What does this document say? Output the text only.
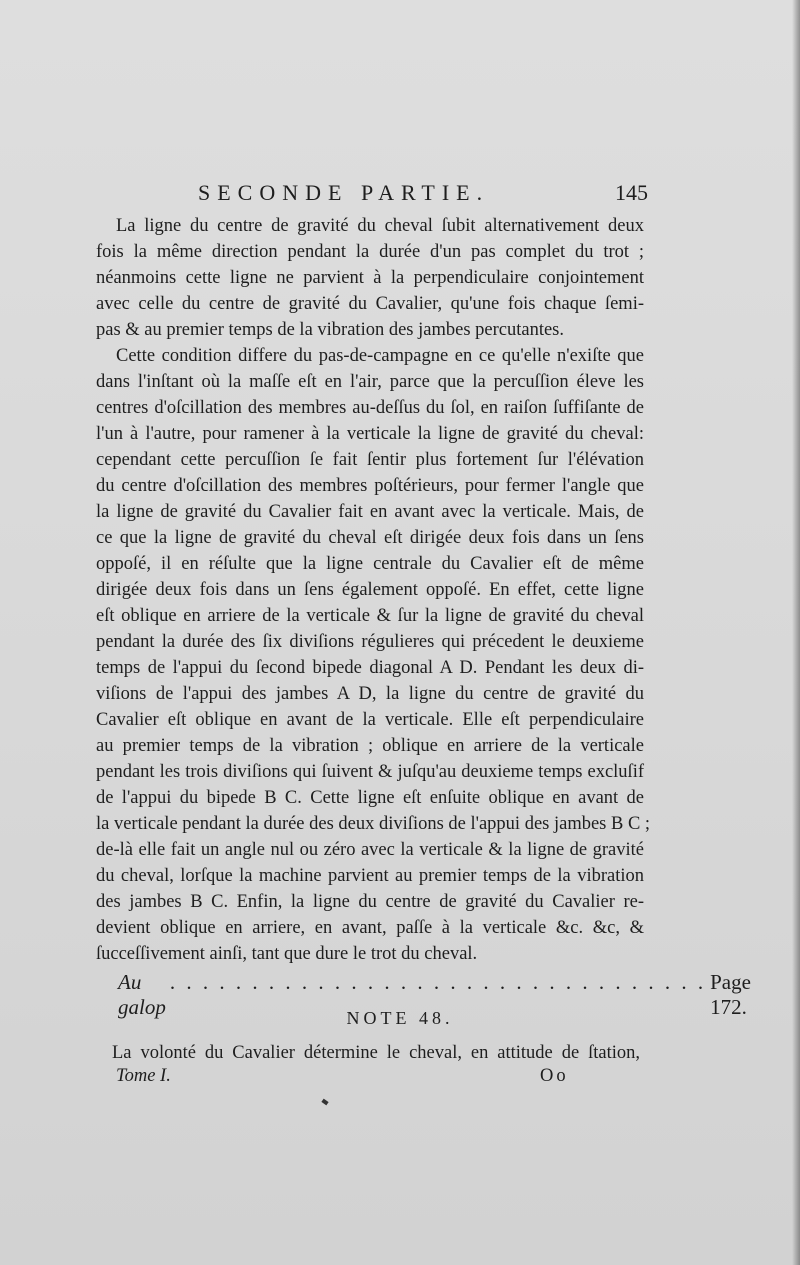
SECONDE PARTIE.	145
La ligne du centre de gravité du cheval ſubit alternativement deux
fois la même direction pendant la durée d'un pas complet du trot ;
néanmoins cette ligne ne parvient à la perpendiculaire conjointement
avec celle du centre de gravité du Cavalier, qu'une fois chaque ſemi-
pas & au premier temps de la vibration des jambes percutantes.
Cette condition differe du pas-de-campagne en ce qu'elle n'exiſte que
dans l'inſtant où la maſſe eſt en l'air, parce que la percuſſion éleve les
centres d'oſcillation des membres au-deſſus du ſol, en raiſon ſuffiſante de
l'un à l'autre, pour ramener à la verticale la ligne de gravité du cheval:
cependant cette percuſſion ſe fait ſentir plus fortement ſur l'élévation
du centre d'oſcillation des membres poſtérieurs, pour fermer l'angle que
la ligne de gravité du Cavalier fait en avant avec la verticale. Mais, de
ce que la ligne de gravité du cheval eſt dirigée deux fois dans un ſens
oppoſé, il en réſulte que la ligne centrale du Cavalier eſt de même
dirigée deux fois dans un ſens également oppoſé. En effet, cette ligne
eſt oblique en arriere de la verticale & ſur la ligne de gravité du cheval
pendant la durée des ſix diviſions régulieres qui précedent le deuxieme
temps de l'appui du ſecond bipede diagonal A D. Pendant les deux di-
viſions de l'appui des jambes A D, la ligne du centre de gravité du
Cavalier eſt oblique en avant de la verticale. Elle eſt perpendiculaire
au premier temps de la vibration ; oblique en arriere de la verticale
pendant les trois diviſions qui ſuivent & juſqu'au deuxieme temps excluſif
de l'appui du bipede B C. Cette ligne eſt enſuite oblique en avant de
la verticale pendant la durée des deux diviſions de l'appui des jambes B C ;
de-là elle fait un angle nul ou zéro avec la verticale & la ligne de gravité
du cheval, lorſque la machine parvient au premier temps de la vibration
des jambes B C. Enfin, la ligne du centre de gravité du Cavalier re-
devient oblique en arriere, en avant, paſſe à la verticale &c. &c, &
ſucceſſivement ainſi, tant que dure le trot du cheval.
Au galop
. . . . . . . . . . . . . . . . . . . . . . . . . . . . . . . . . Page 172.
NOTE 48.
La volonté du Cavalier détermine le cheval, en attitude de ſtation,
Tome I.	Oo
